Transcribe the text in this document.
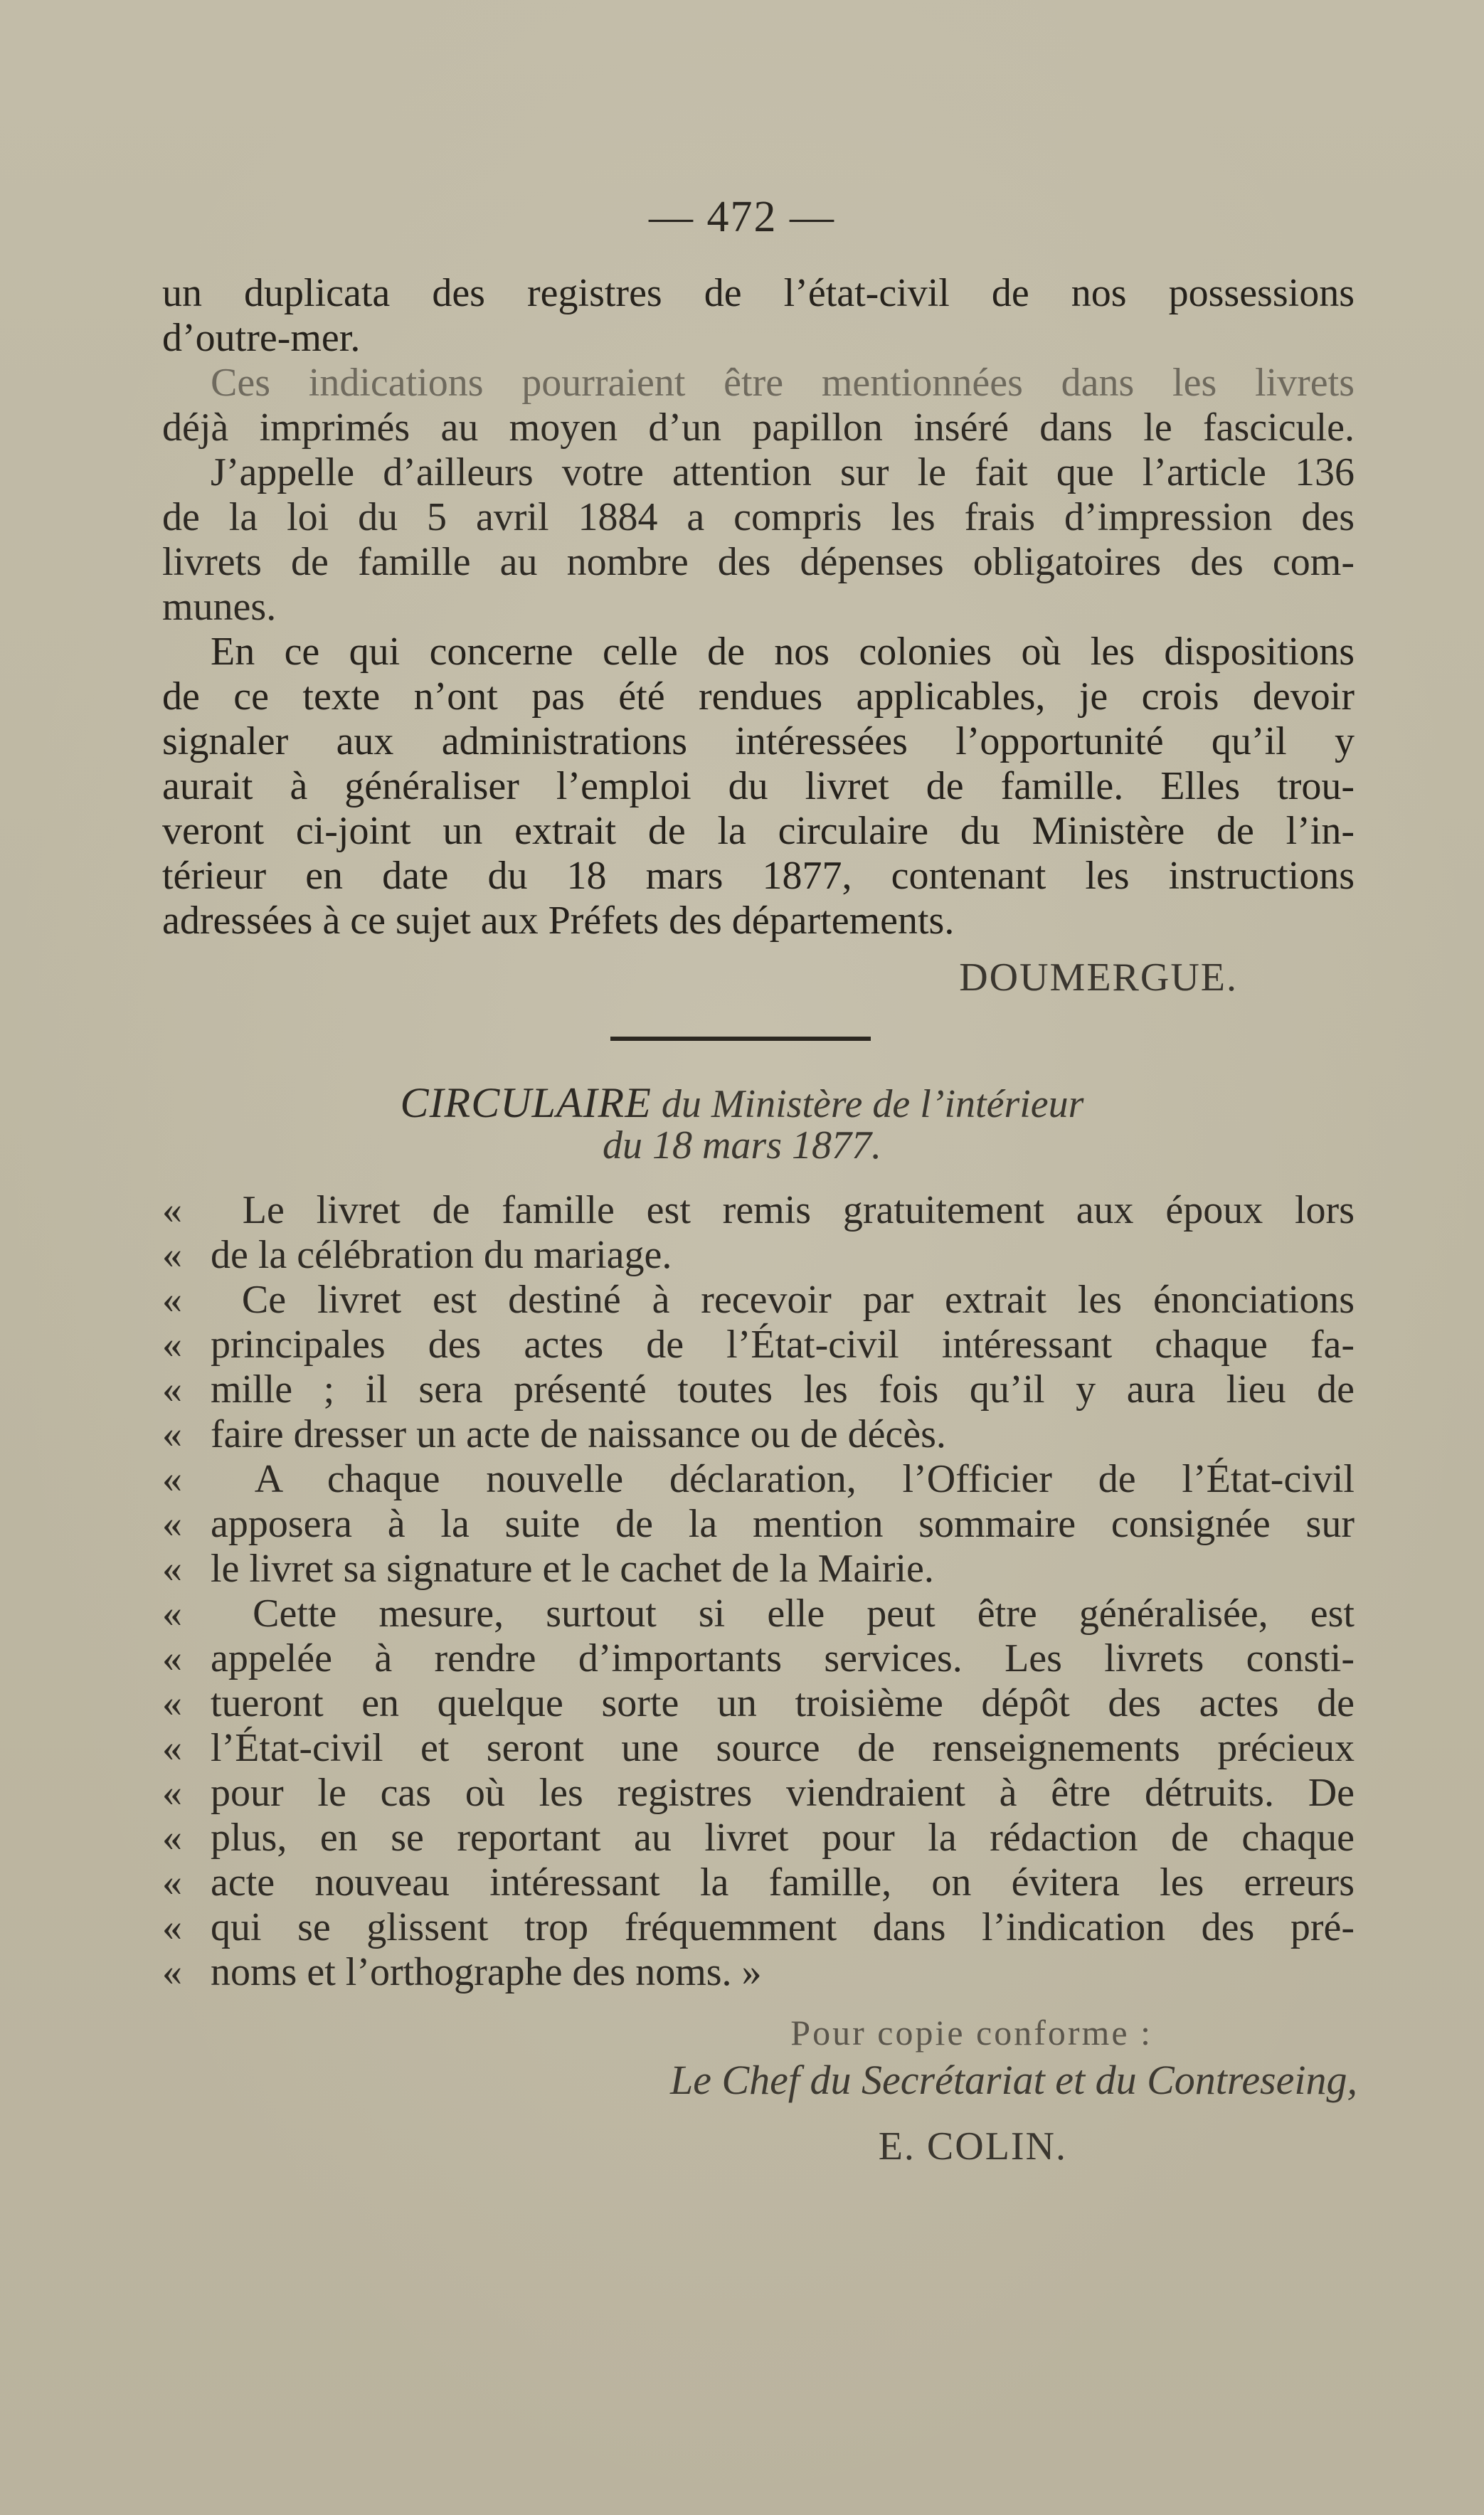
— 472 —
un duplicata des registres de l’état-civil de nos possessions
d’outre-mer.
Ces indications pourraient être mentionnées dans les livrets
déjà imprimés au moyen d’un papillon inséré dans le fascicule.
J’appelle d’ailleurs votre attention sur le fait que l’article 136
de la loi du 5 avril 1884 a compris les frais d’impression des
livrets de famille au nombre des dépenses obligatoires des com-
munes.
En ce qui concerne celle de nos colonies où les dispositions
de ce texte n’ont pas été rendues applicables, je crois devoir
signaler aux administrations intéressées l’opportunité qu’il y
aurait à généraliser l’emploi du livret de famille. Elles trou-
veront ci-joint un extrait de la circulaire du Ministère de l’in-
térieur en date du 18 mars 1877, contenant les instructions
adressées à ce sujet aux Préfets des départements.
DOUMERGUE.
CIRCULAIRE du Ministère de l’intérieur
du 18 mars 1877.
« Le livret de famille est remis gratuitement aux époux lors
« de la célébration du mariage.
« Ce livret est destiné à recevoir par extrait les énonciations
« principales des actes de l’État-civil intéressant chaque fa-
« mille ; il sera présenté toutes les fois qu’il y aura lieu de
« faire dresser un acte de naissance ou de décès.
« A chaque nouvelle déclaration, l’Officier de l’État-civil
« apposera à la suite de la mention sommaire consignée sur
« le livret sa signature et le cachet de la Mairie.
« Cette mesure, surtout si elle peut être généralisée, est
« appelée à rendre d’importants services. Les livrets consti-
« tueront en quelque sorte un troisième dépôt des actes de
« l’État-civil et seront une source de renseignements précieux
« pour le cas où les registres viendraient à être détruits. De
« plus, en se reportant au livret pour la rédaction de chaque
« acte nouveau intéressant la famille, on évitera les erreurs
« qui se glissent trop fréquemment dans l’indication des pré-
« noms et l’orthographe des noms. »
Pour copie conforme :
Le Chef du Secrétariat et du Contreseing,
E. COLIN.
